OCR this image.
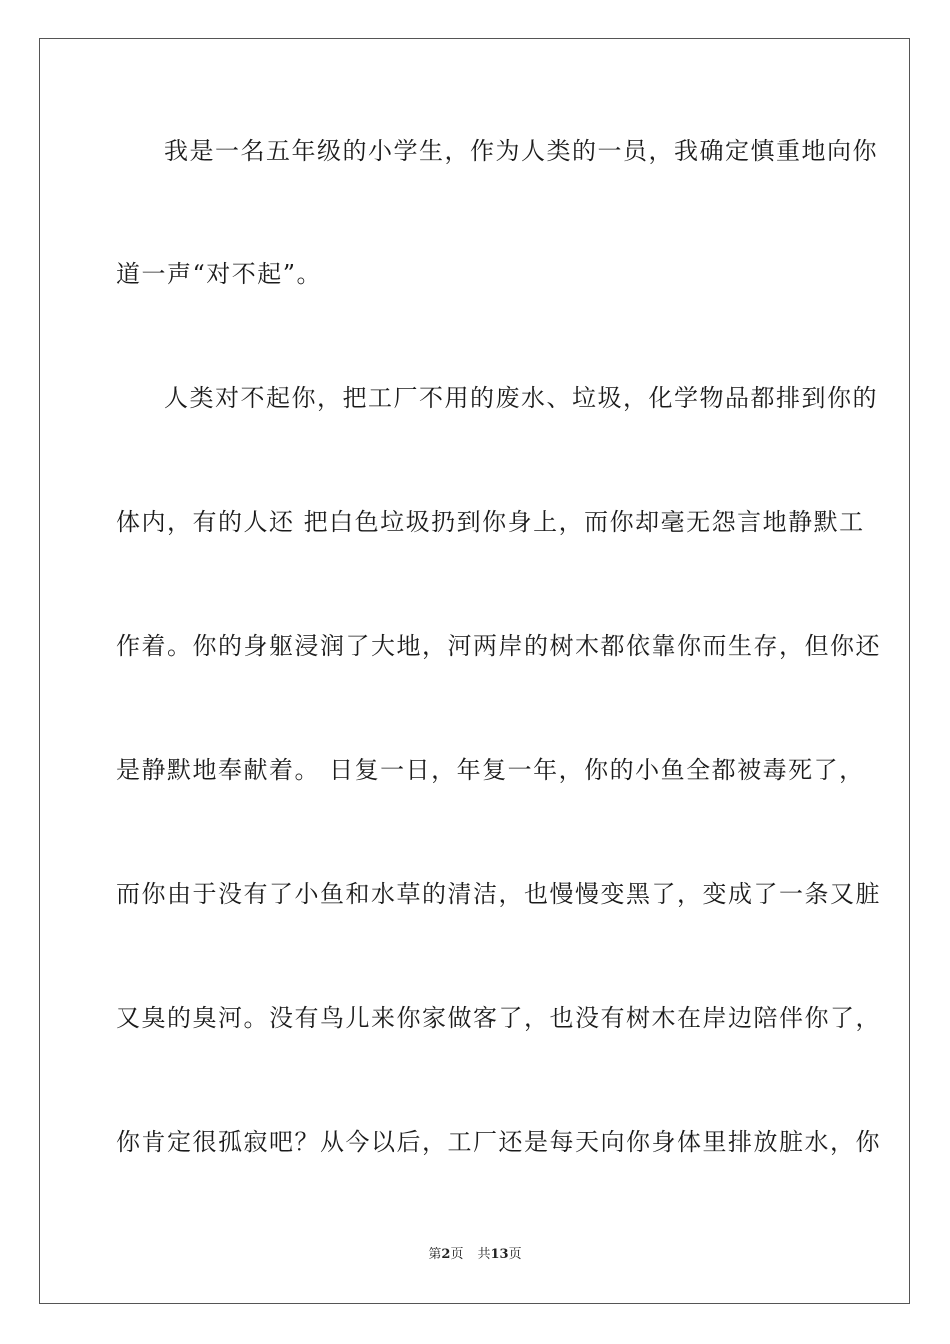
我是一名五年级的小学生，作为人类的一员，我确定慎重地向你
道一声“对不起”。
人类对不起你，把工厂不用的废水、垃圾，化学物品都排到你的
体内，有的人还 把白色垃圾扔到你身上，而你却毫无怨言地静默工
作着。你的身躯浸润了大地，河两岸的树木都依靠你而生存，但你还
是静默地奉献着。 日复一日，年复一年，你的小鱼全都被毒死了，
而你由于没有了小鱼和水草的清洁，也慢慢变黑了，变成了一条又脏
又臭的臭河。没有鸟儿来你家做客了，也没有树木在岸边陪伴你了，
你肯定很孤寂吧？从今以后，工厂还是每天向你身体里排放脏水，你
第2页 共13页
